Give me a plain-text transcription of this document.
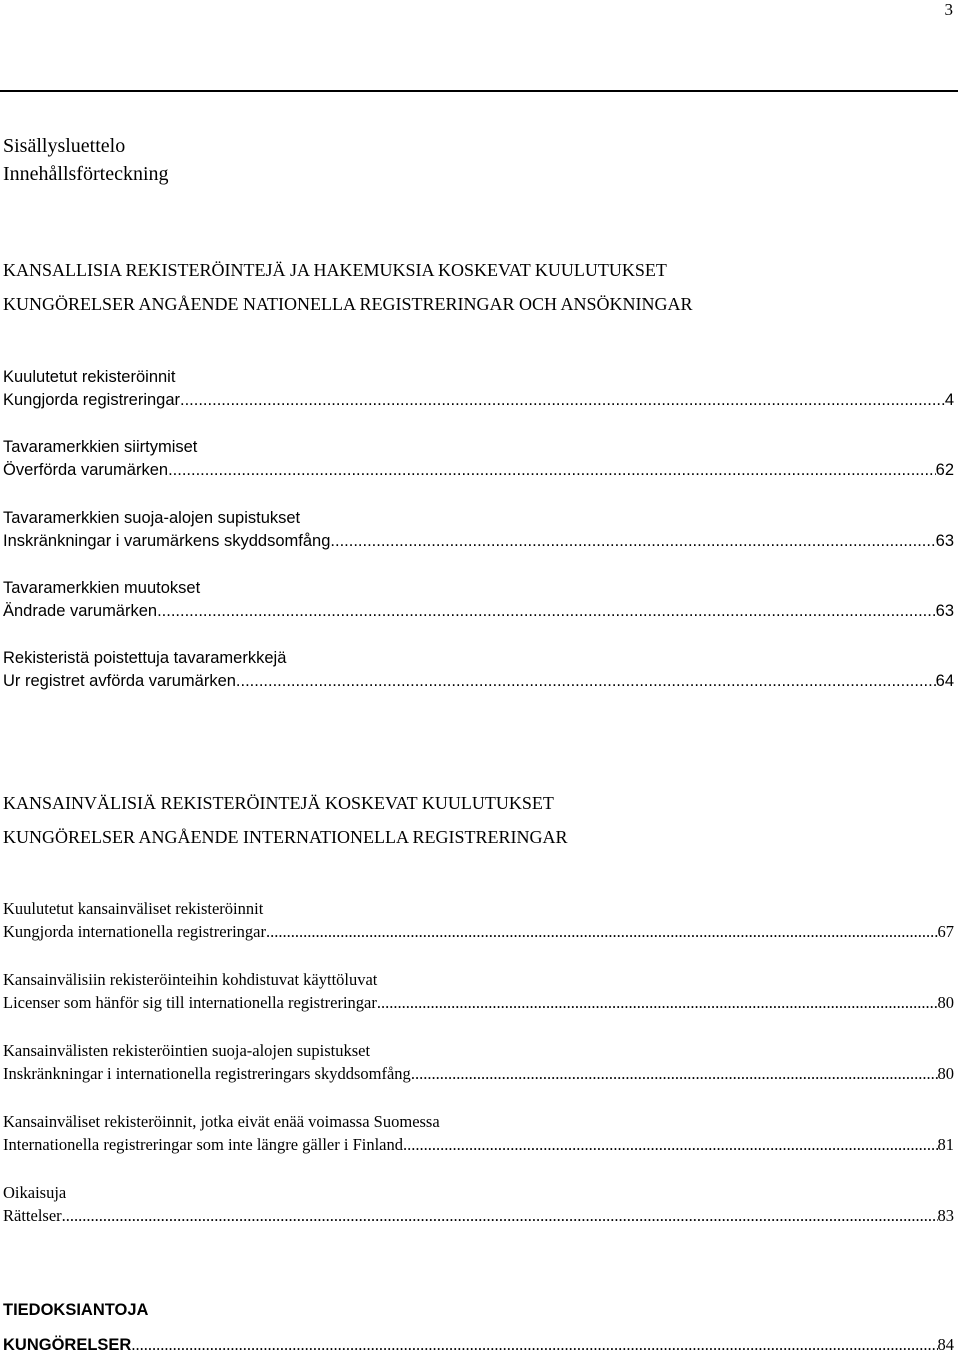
3
Sisällysluettelo
Innehållsförteckning
KANSALLISIA REKISTERÖINTEJÄ JA HAKEMUKSIA KOSKEVAT KUULUTUKSET
KUNGÖRELSER ANGÅENDE NATIONELLA REGISTRERINGAR OCH ANSÖKNINGAR
Kuulutetut rekisteröinnit
Kungjorda registreringar .....	4
Tavaramerkkien siirtymiset
Överförda varumärken .....	62
Tavaramerkkien suoja-alojen supistukset
Inskränkningar i varumärkens skyddsomfång .....	63
Tavaramerkkien muutokset
Ändrade varumärken .....	63
Rekisteristä poistettuja tavaramerkkejä
Ur registret avförda varumärken .....	64
KANSAINVÄLISIÄ REKISTERÖINTEJÄ KOSKEVAT KUULUTUKSET
KUNGÖRELSER ANGÅENDE INTERNATIONELLA REGISTRERINGAR
Kuulutetut kansainväliset rekisteröinnit
Kungjorda internationella registreringar .....	67
Kansainvälisiin rekisteröinteihin kohdistuvat käyttöluvat
Licenser som hänför sig till internationella registreringar .....	80
Kansainvälisten rekisteröintien suoja-alojen supistukset
Inskränkningar i internationella registreringars skyddsomfång .....	80
Kansainväliset rekisteröinnit, jotka eivät enää voimassa Suomessa
Internationella registreringar som inte längre gäller i Finland .....	81
Oikaisuja
Rättelser .....	83
TIEDOKSIANTOJA
KUNGÖRELSER .....	84
